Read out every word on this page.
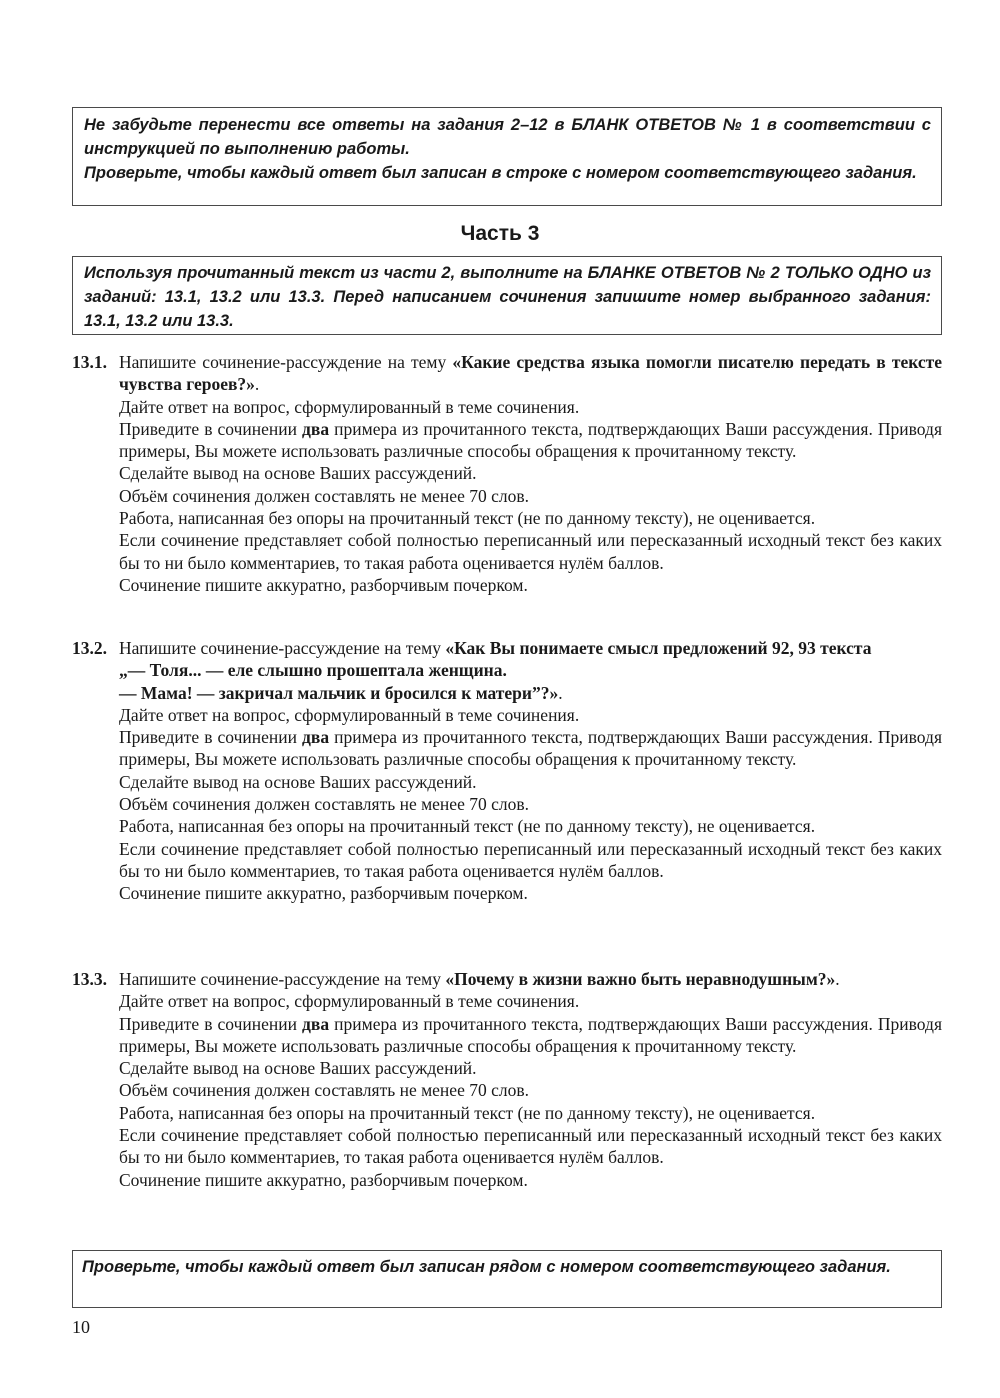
Не забудьте перенести все ответы на задания 2–12 в БЛАНК ОТВЕТОВ № 1 в соответствии с инструкцией по выполнению работы.

Проверьте, чтобы каждый ответ был записан в строке с номером соответствующего задания.

Часть 3

Используя прочитанный текст из части 2, выполните на БЛАНКЕ ОТВЕТОВ № 2 ТОЛЬКО ОДНО из заданий: 13.1, 13.2 или 13.3. Перед написанием сочинения запишите номер выбранного задания: 13.1, 13.2 или 13.3.

13.1. Напишите сочинение-рассуждение на тему «Какие средства языка помогли писателю передать в тексте чувства героев?».

Дайте ответ на вопрос, сформулированный в теме сочинения.

Приведите в сочинении два примера из прочитанного текста, подтверждающих Ваши рассуждения. Приводя примеры, Вы можете использовать различные способы обращения к прочитанному тексту.

Сделайте вывод на основе Ваших рассуждений.

Объём сочинения должен составлять не менее 70 слов.

Работа, написанная без опоры на прочитанный текст (не по данному тексту), не оценивается.

Если сочинение представляет собой полностью переписанный или пересказанный исходный текст без каких бы то ни было комментариев, то такая работа оценивается нулём баллов.

Сочинение пишите аккуратно, разборчивым почерком.

13.2. Напишите сочинение-рассуждение на тему «Как Вы понимаете смысл предложений 92, 93 текста

„— Толя... — еле слышно прошептала женщина.

— Мама! — закричал мальчик и бросился к матери”?».

Дайте ответ на вопрос, сформулированный в теме сочинения.

Приведите в сочинении два примера из прочитанного текста, подтверждающих Ваши рассуждения. Приводя примеры, Вы можете использовать различные способы обращения к прочитанному тексту.

Сделайте вывод на основе Ваших рассуждений.

Объём сочинения должен составлять не менее 70 слов.

Работа, написанная без опоры на прочитанный текст (не по данному тексту), не оценивается.

Если сочинение представляет собой полностью переписанный или пересказанный исходный текст без каких бы то ни было комментариев, то такая работа оценивается нулём баллов.

Сочинение пишите аккуратно, разборчивым почерком.

13.3. Напишите сочинение-рассуждение на тему «Почему в жизни важно быть неравнодушным?».

Дайте ответ на вопрос, сформулированный в теме сочинения.

Приведите в сочинении два примера из прочитанного текста, подтверждающих Ваши рассуждения. Приводя примеры, Вы можете использовать различные способы обращения к прочитанному тексту.

Сделайте вывод на основе Ваших рассуждений.

Объём сочинения должен составлять не менее 70 слов.

Работа, написанная без опоры на прочитанный текст (не по данному тексту), не оценивается.

Если сочинение представляет собой полностью переписанный или пересказанный исходный текст без каких бы то ни было комментариев, то такая работа оценивается нулём баллов.

Сочинение пишите аккуратно, разборчивым почерком.

Проверьте, чтобы каждый ответ был записан рядом с номером соответствующего задания.

10
